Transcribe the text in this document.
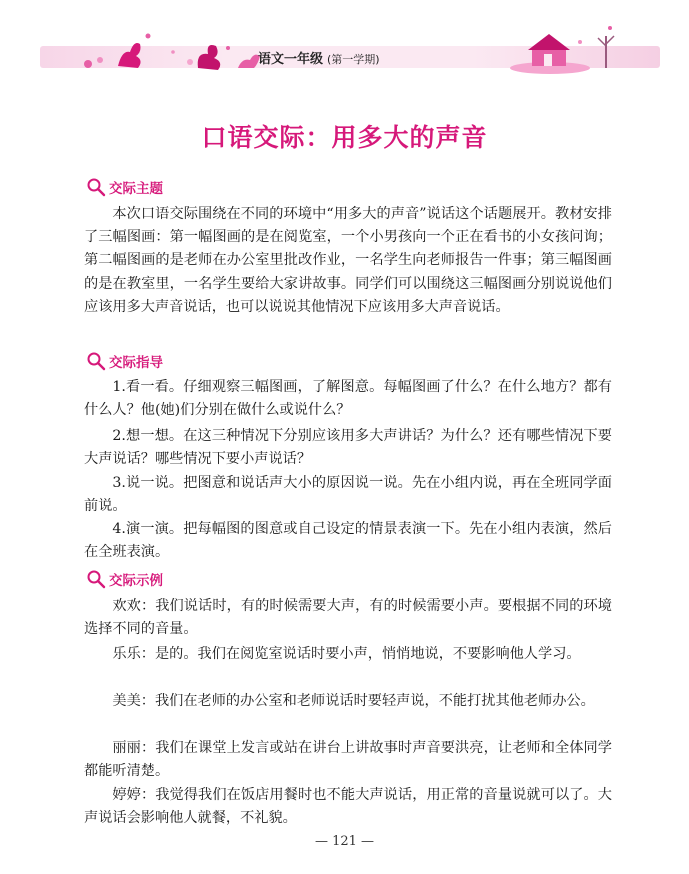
语文一年级 (第一学期)
口语交际：用多大的声音
交际主题

本次口语交际围绕在不同的环境中“用多大的声音”说话这个话题展开。教材安排了三幅图画：第一幅图画的是在阅览室，一个小男孩向一个正在看书的小女孩问询；第二幅图画的是老师在办公室里批改作业，一名学生向老师报告一件事；第三幅图画的是在教室里，一名学生要给大家讲故事。同学们可以围绕这三幅图画分别说说他们应该用多大声音说话，也可以说说其他情况下应该用多大声音说话。

交际指导

1.看一看。仔细观察三幅图画，了解图意。每幅图画了什么？在什么地方？都有什么人？他(她)们分别在做什么或说什么？

2.想一想。在这三种情况下分别应该用多大声讲话？为什么？还有哪些情况下要大声说话？哪些情况下要小声说话？

3.说一说。把图意和说话声大小的原因说一说。先在小组内说，再在全班同学面前说。

4.演一演。把每幅图的图意或自己设定的情景表演一下。先在小组内表演，然后在全班表演。

交际示例

欢欢：我们说话时，有的时候需要大声，有的时候需要小声。要根据不同的环境选择不同的音量。

乐乐：是的。我们在阅览室说话时要小声，悄悄地说，不要影响他人学习。

美美：我们在老师的办公室和老师说话时要轻声说，不能打扰其他老师办公。

丽丽：我们在课堂上发言或站在讲台上讲故事时声音要洪亮，让老师和全体同学都能听清楚。

婷婷：我觉得我们在饭店用餐时也不能大声说话，用正常的音量说就可以了。大声说话会影响他人就餐，不礼貌。

— 121 —
